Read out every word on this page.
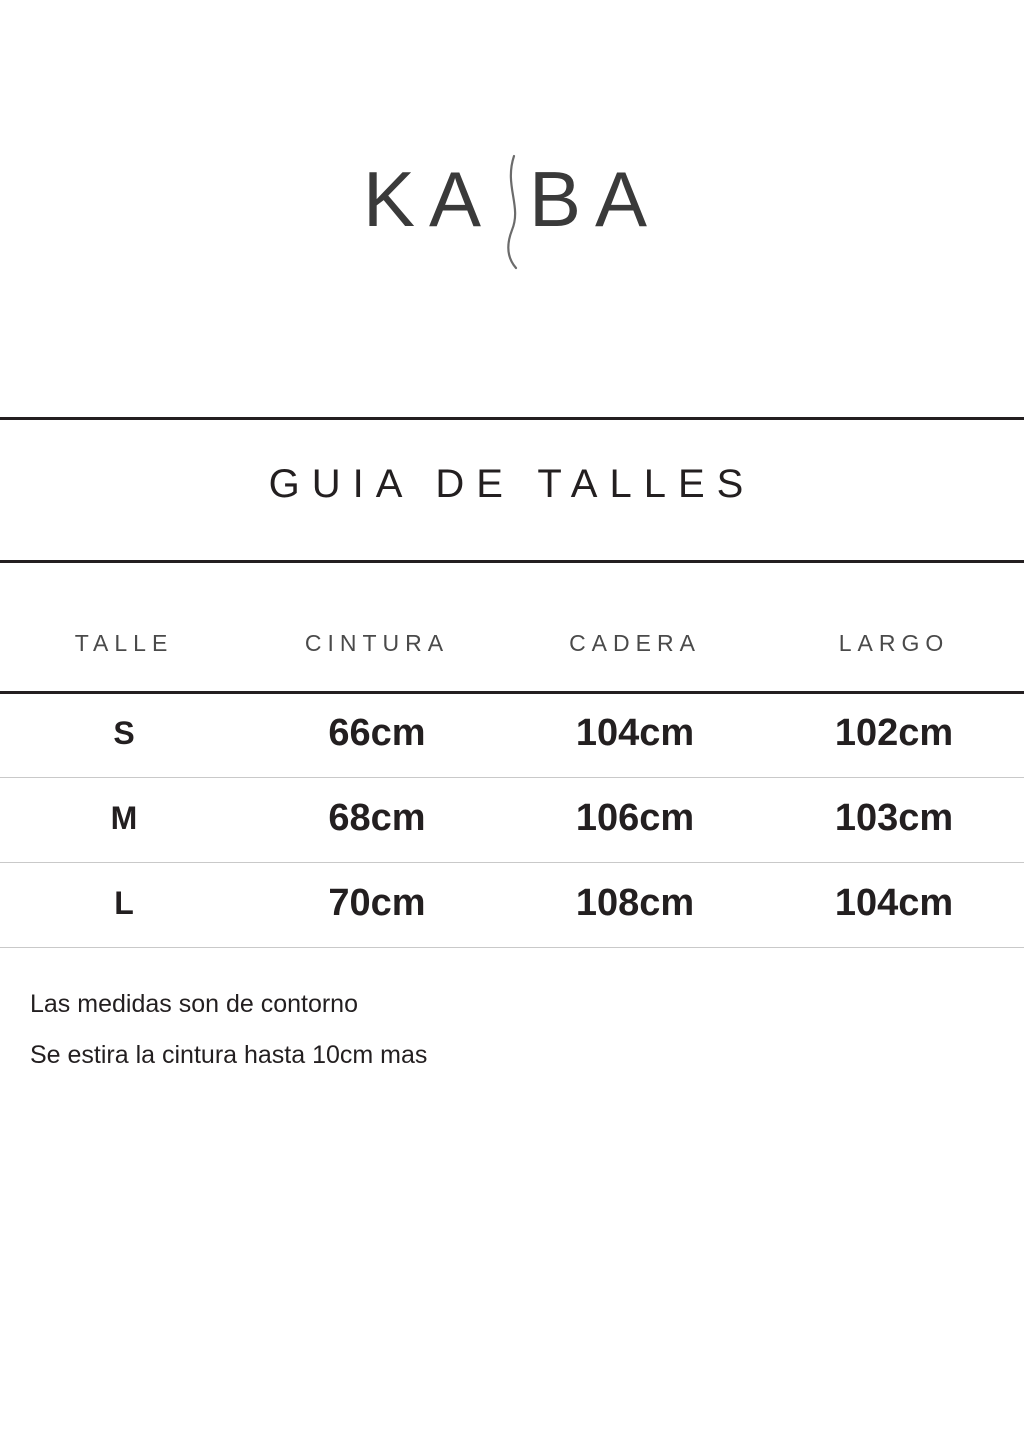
KA BA
GUIA DE TALLES
TALLE	CINTURA	CADERA	LARGO
S	66cm	104cm	102cm
M	68cm	106cm	103cm
L	70cm	108cm	104cm
Las medidas son de contorno
Se estira la cintura hasta 10cm mas
